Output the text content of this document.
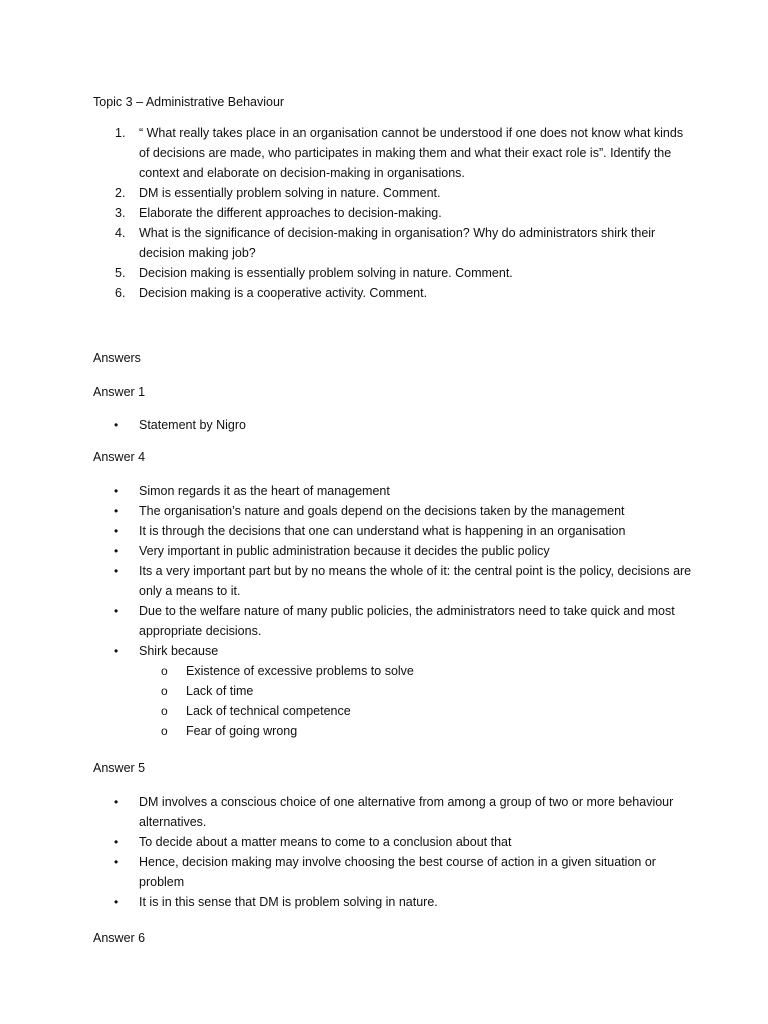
Topic 3 – Administrative Behaviour

1. “ What really takes place in an organisation cannot be understood if one does not know what kinds of decisions are made, who participates in making them and what their exact role is”. Identify the context and elaborate on decision-making in organisations.
2. DM is essentially problem solving in nature. Comment.
3. Elaborate the different approaches to decision-making.
4. What is the significance of decision-making in organisation? Why do administrators shirk their decision making job?
5. Decision making is essentially problem solving in nature. Comment.
6. Decision making is a cooperative activity. Comment.

Answers

Answer 1

• Statement by Nigro

Answer 4

• Simon regards it as the heart of management
• The organisation’s nature and goals depend on the decisions taken by the management
• It is through the decisions that one can understand what is happening in an organisation
• Very important in public administration because it decides the public policy
• Its a very important part but by no means the whole of it: the central point is the policy, decisions are only a means to it.
• Due to the welfare nature of many public policies, the administrators need to take quick and most appropriate decisions.
• Shirk because
o Existence of excessive problems to solve
o Lack of time
o Lack of technical competence
o Fear of going wrong

Answer 5

• DM involves a conscious choice of one alternative from among a group of two or more behaviour alternatives.
• To decide about a matter means to come to a conclusion about that
• Hence, decision making may involve choosing the best course of action in a given situation or problem
• It is in this sense that DM is problem solving in nature.

Answer 6
